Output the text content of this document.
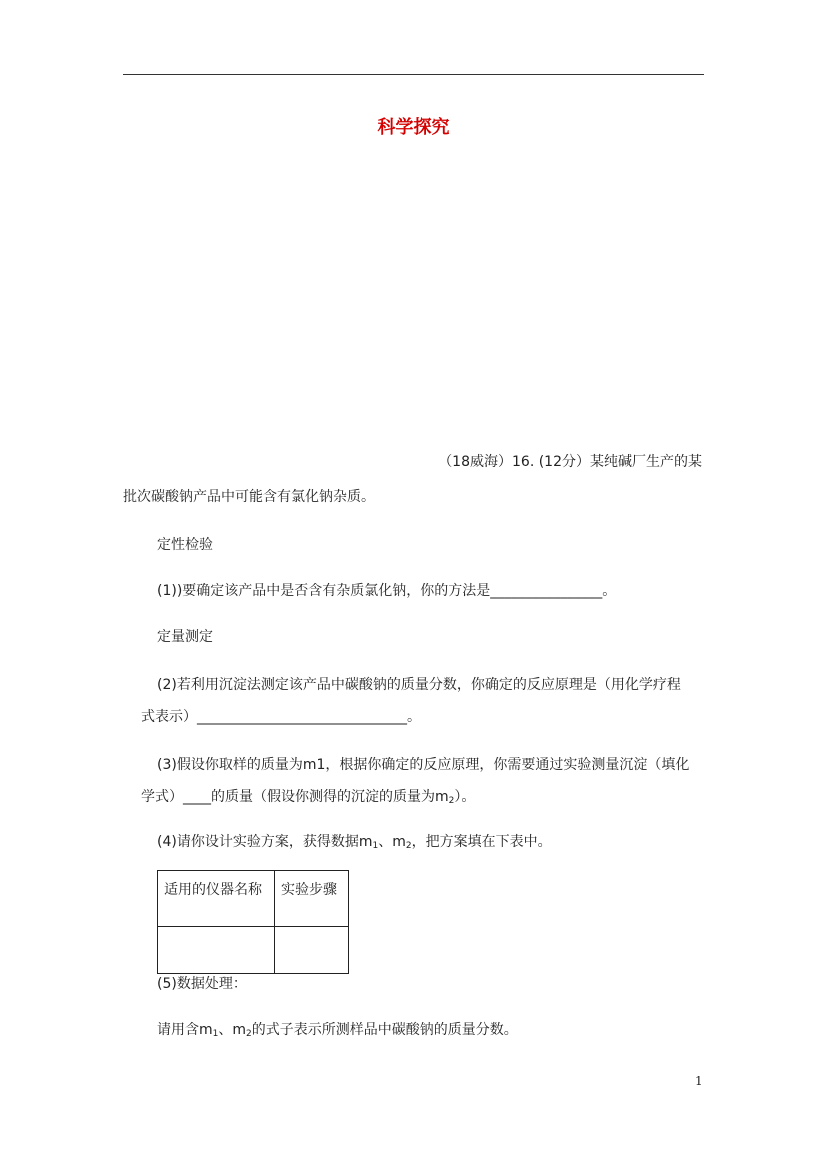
科学探究
（18威海）16. (12分）某纯碱厂生产的某
批次碳酸钠产品中可能含有氯化钠杂质。
定性检验
(1))要确定该产品中是否含有杂质氯化钠，你的方法是________________。
定量测定
(2)若利用沉淀法测定该产品中碳酸钠的质量分数，你确定的反应原理是（用化学疗程
式表示）______________________________。
(3)假设你取样的质量为m1，根据你确定的反应原理，你需要通过实验测量沉淀（填化
学式）____的质量（假设你测得的沉淀的质量为$m_2$）。
(4)请你设计实验方案，获得数据$m_1$、$m_2$，把方案填在下表中。
适用的仪器名称	实验步骤

(5)数据处理：
请用含$m_1$、$m_2$的式子表示所测样品中碳酸钠的质量分数。
1
